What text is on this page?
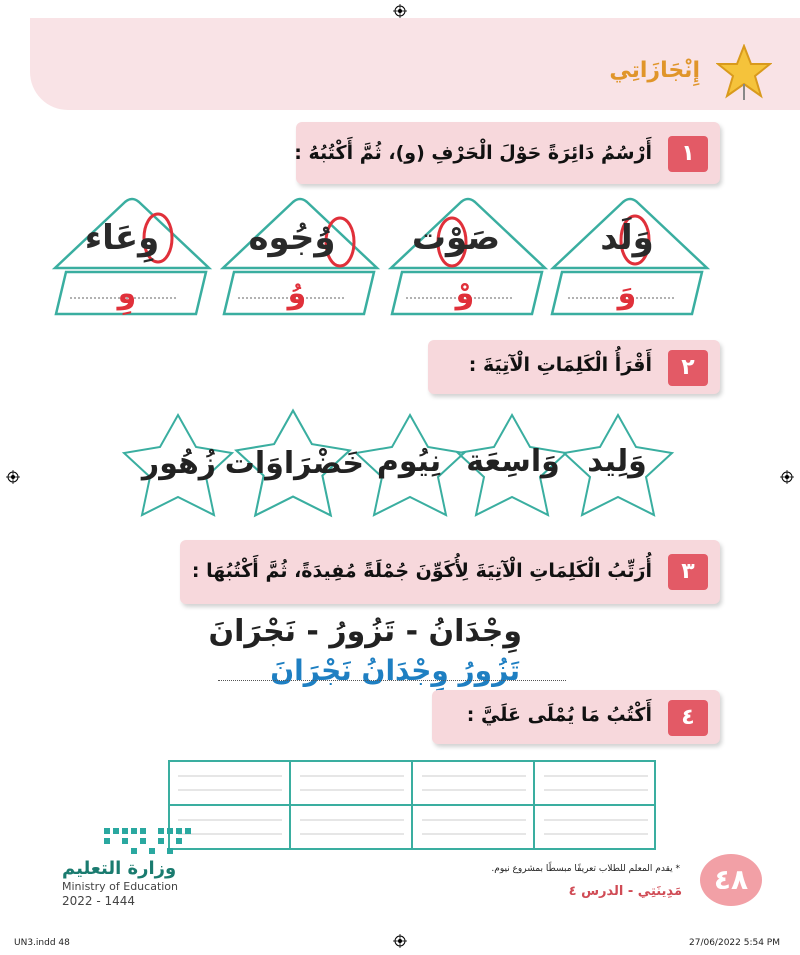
إِنْجَازَاتِي
١
أَرْسُمُ دَائِرَةً حَوْلَ الْحَرْفِ (و)، ثُمَّ أَكْتُبُهُ :
وَلَد
صَوْت
وُجُوه
وِعَاء
وَ
وْ
وُ
وِ
٢
أَقْرَأُ الْكَلِمَاتِ الْآتِيَةَ :
وَلِيد
وَاسِعَة
نِيُوم
خَضْرَاوَات
زُهُور
٣
أُرَتِّبُ الْكَلِمَاتِ الْآتِيَةَ لِأُكَوِّنَ جُمْلَةً مُفِيدَةً، ثُمَّ أَكْتُبُهَا :
وِجْدَانُ - تَزُورُ - نَجْرَانَ
تَزُورُ وِجْدَانُ نَجْرَانَ
٤
أَكْتُبُ مَا يُمْلَى عَلَيَّ :
٤٨
* يقدم المعلم للطلاب تعريفًا مبسطًا بمشروع نيوم.
مَدِينَتِي - الدرس ٤
وزارة التعليم
Ministry of Education
2022 - 1444
UN3.indd 48	27/06/2022 5:54 PM
